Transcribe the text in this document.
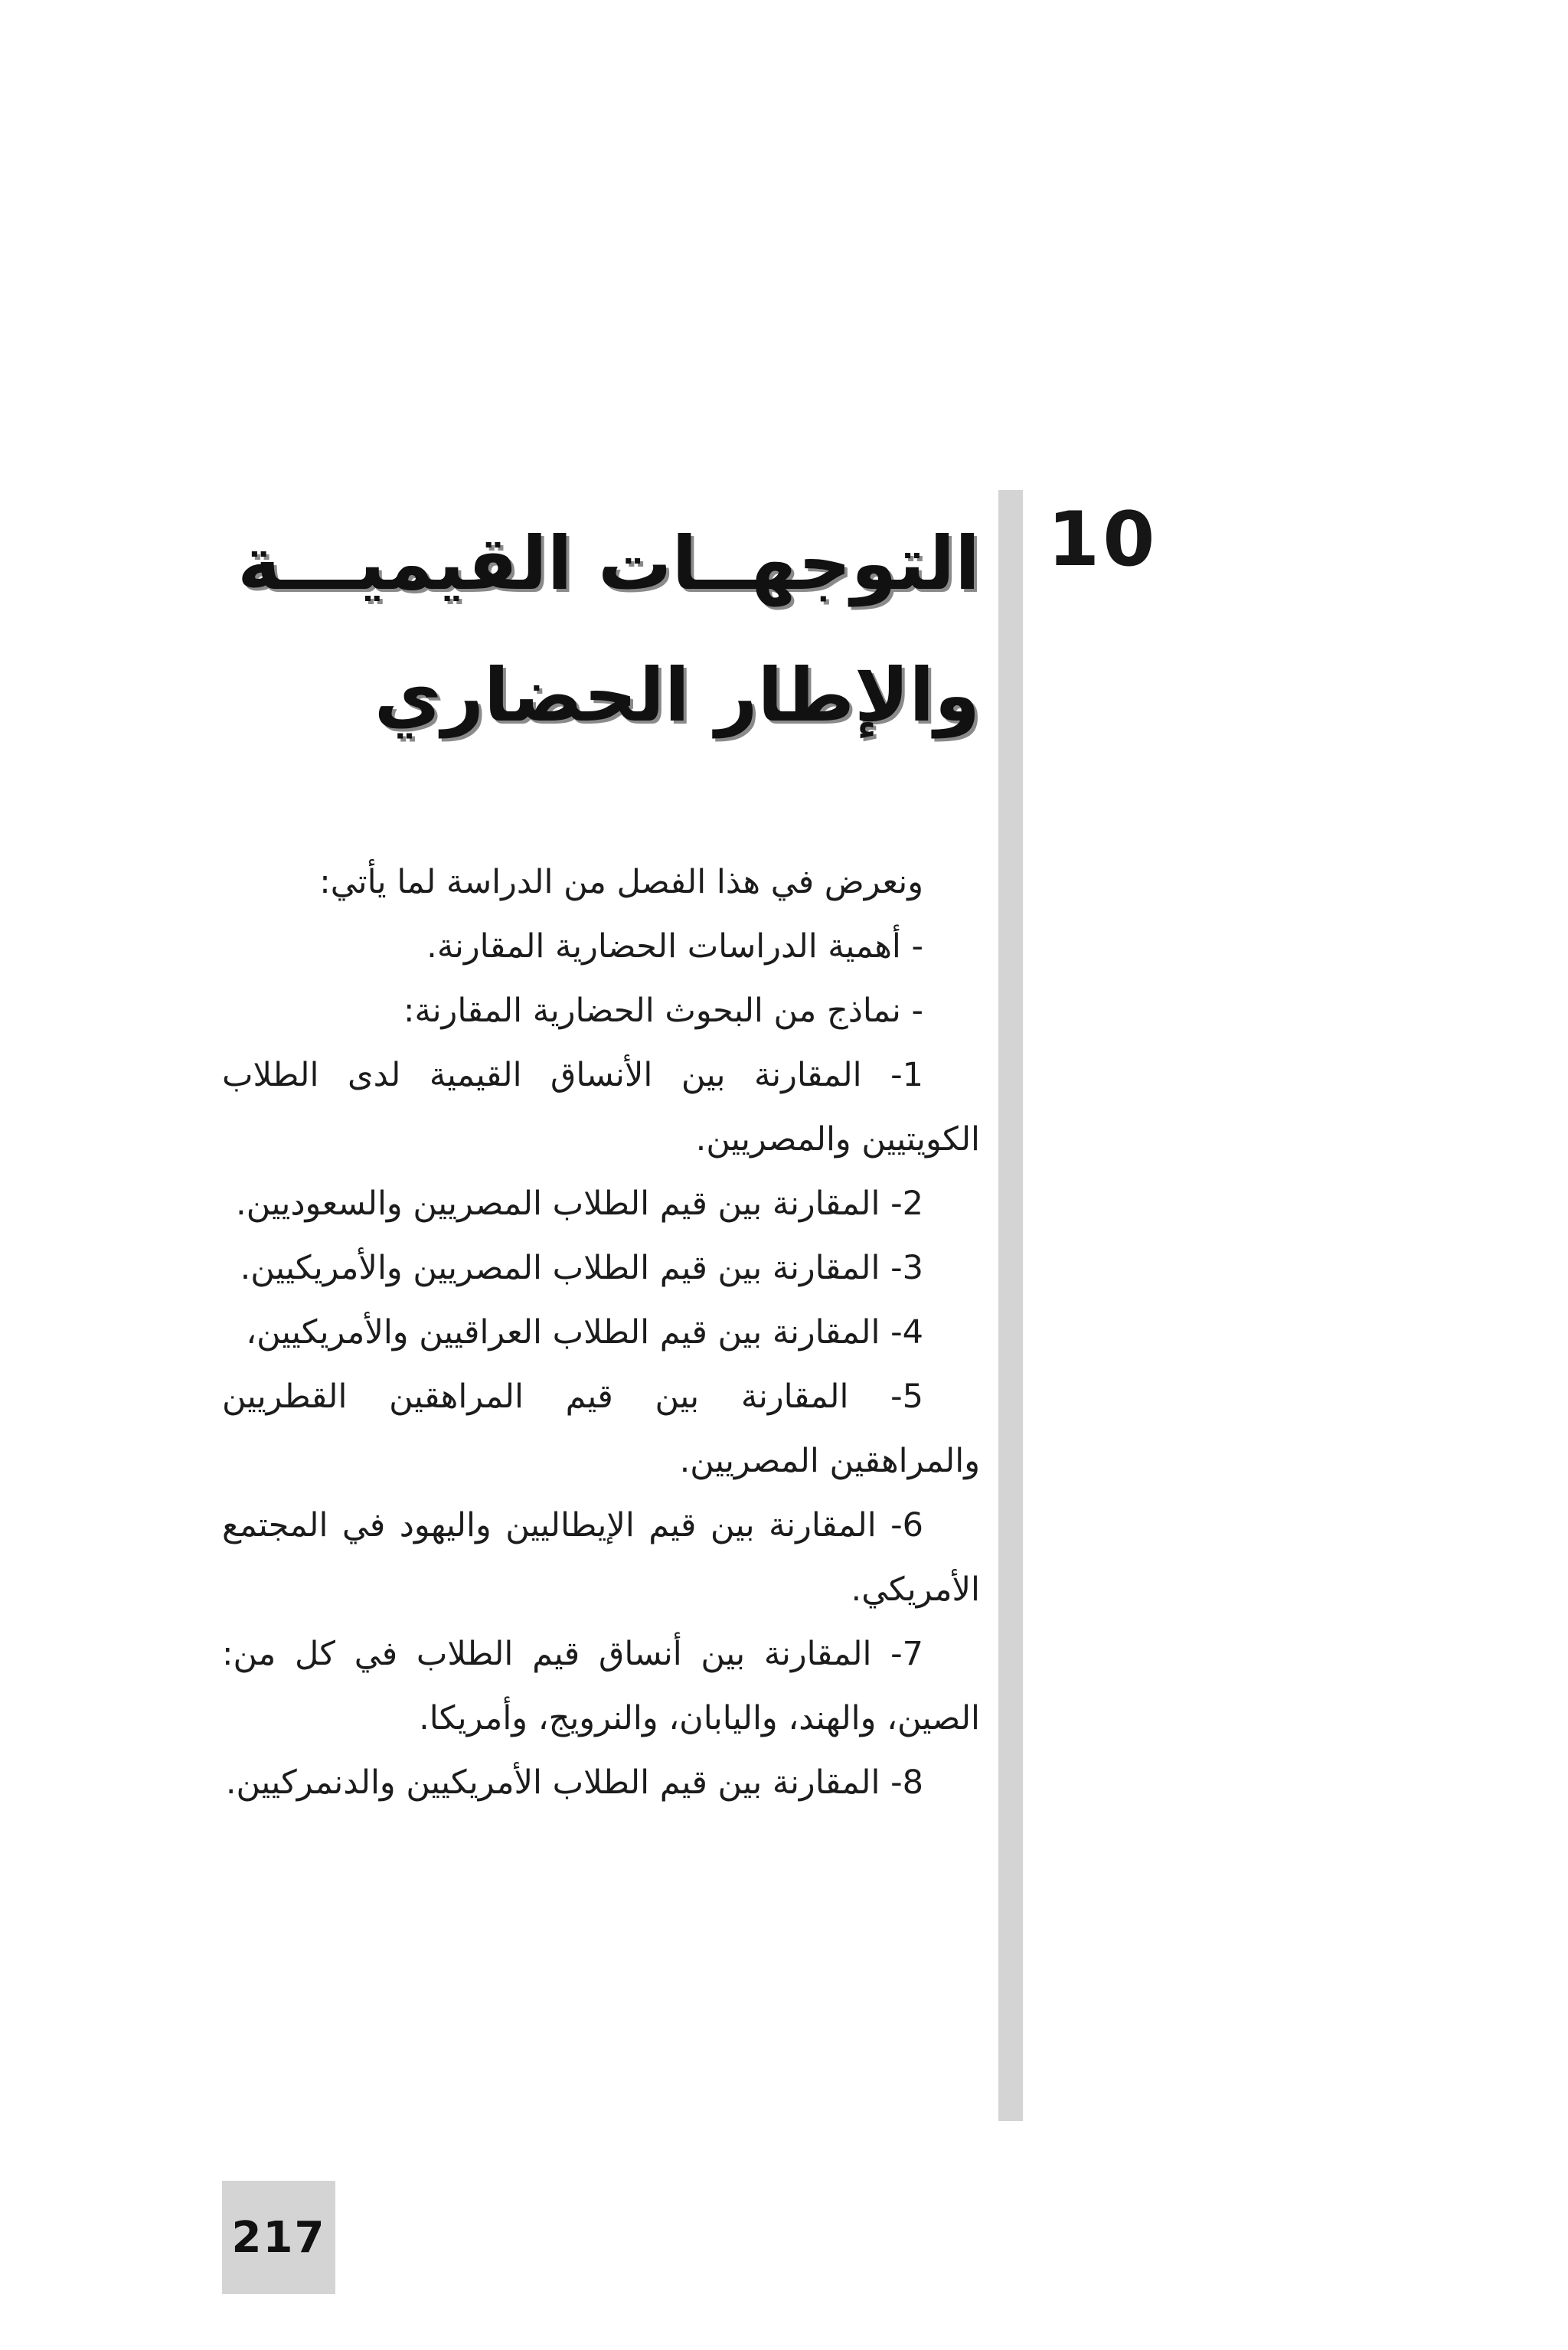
10
التوجهــات القيميـــة
والإطار الحضاري

ونعرض في هذا الفصل من الدراسة لما يأتي:

- أهمية الدراسات الحضارية المقارنة.

- نماذج من البحوث الحضارية المقارنة:

1- المقارنة بين الأنساق القيمية لدى الطلاب الكويتيين والمصريين.

2- المقارنة بين قيم الطلاب المصريين والسعوديين.

3- المقارنة بين قيم الطلاب المصريين والأمريكيين.

4- المقارنة بين قيم الطلاب العراقيين والأمريكيين،

5- المقارنة بين قيم المراهقين القطريين والمراهقين المصريين.

6- المقارنة بين قيم الإيطاليين واليهود في المجتمع الأمريكي.

7- المقارنة بين أنساق قيم الطلاب في كل من: الصين، والهند، واليابان، والنرويج، وأمريكا.

8- المقارنة بين قيم الطلاب الأمريكيين والدنمركيين.

217
